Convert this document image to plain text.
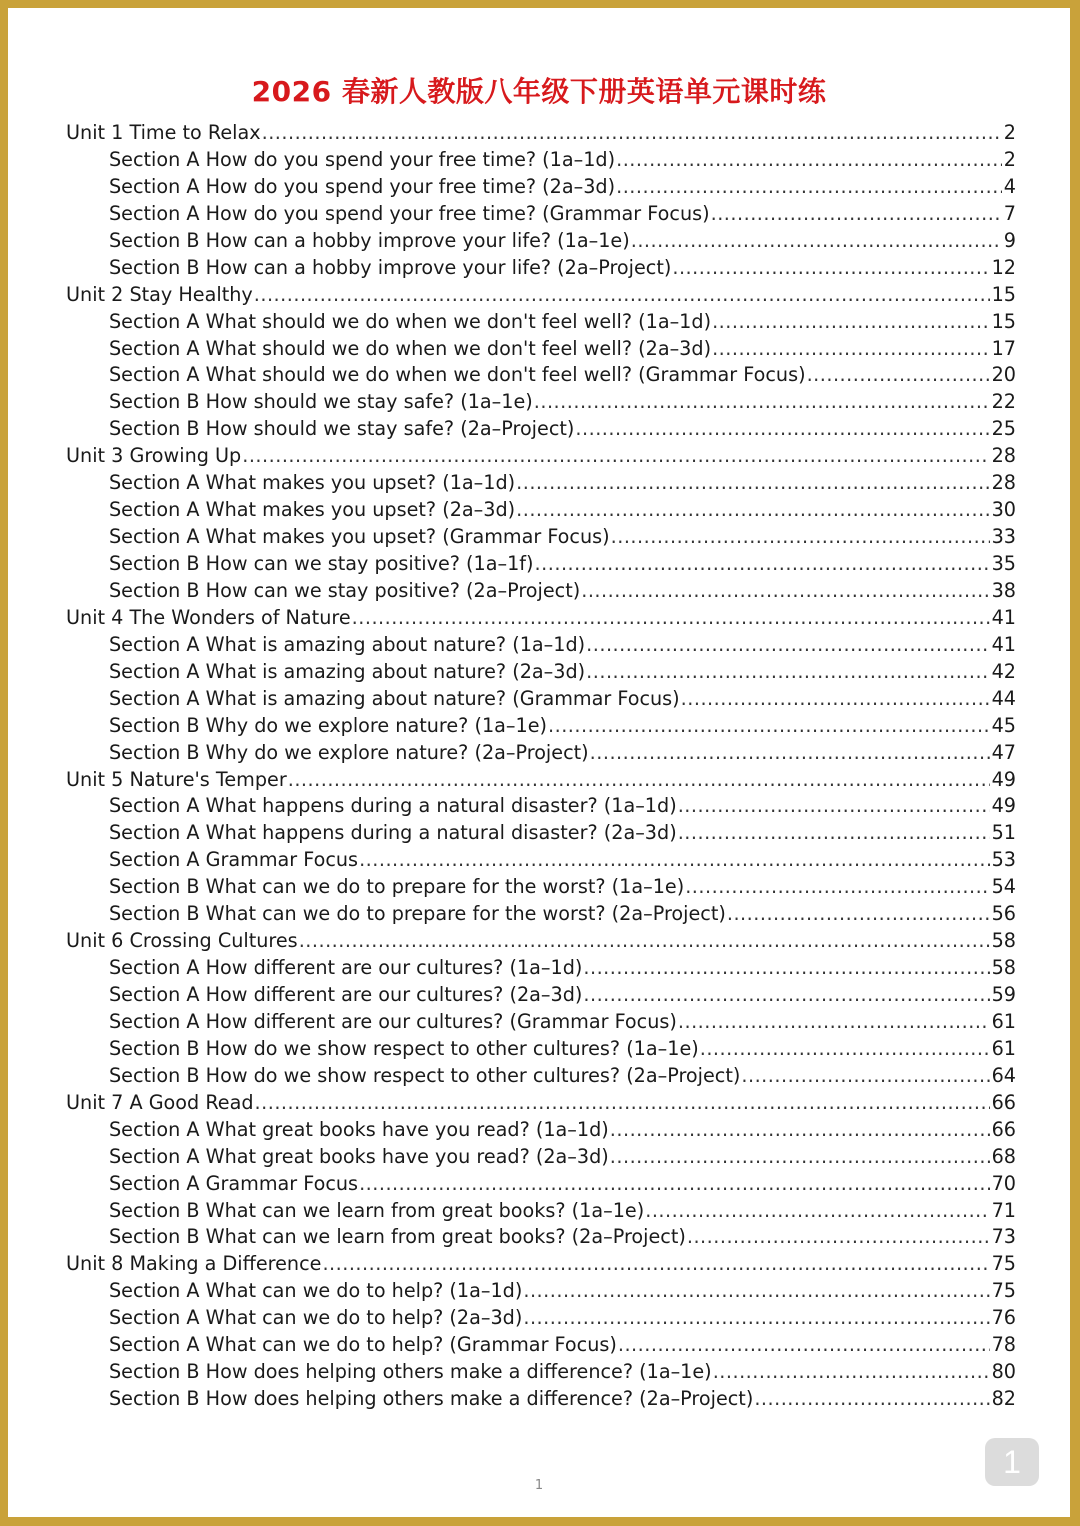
2026 春新人教版八年级下册英语单元课时练
Unit 1 Time to Relax .....	2
Section A How do you spend your free time? (1a–1d) .....	2
Section A How do you spend your free time? (2a–3d) .....	4
Section A How do you spend your free time? (Grammar Focus) .....	7
Section B How can a hobby improve your life? (1a–1e) .....	9
Section B How can a hobby improve your life? (2a–Project) .....	12
Unit 2 Stay Healthy .....	15
Section A What should we do when we don't feel well? (1a–1d) .....	15
Section A What should we do when we don't feel well? (2a–3d) .....	17
Section A What should we do when we don't feel well? (Grammar Focus) .....	20
Section B How should we stay safe? (1a–1e) .....	22
Section B How should we stay safe? (2a–Project) .....	25
Unit 3 Growing Up .....	28
Section A What makes you upset? (1a–1d) .....	28
Section A What makes you upset? (2a–3d) .....	30
Section A What makes you upset? (Grammar Focus) .....	33
Section B How can we stay positive? (1a–1f) .....	35
Section B How can we stay positive? (2a–Project) .....	38
Unit 4 The Wonders of Nature .....	41
Section A What is amazing about nature? (1a–1d) .....	41
Section A What is amazing about nature? (2a–3d) .....	42
Section A What is amazing about nature? (Grammar Focus) .....	44
Section B Why do we explore nature? (1a–1e) .....	45
Section B Why do we explore nature? (2a–Project) .....	47
Unit 5 Nature's Temper .....	49
Section A What happens during a natural disaster? (1a–1d) .....	49
Section A What happens during a natural disaster? (2a–3d) .....	51
Section A Grammar Focus .....	53
Section B What can we do to prepare for the worst? (1a–1e) .....	54
Section B What can we do to prepare for the worst? (2a–Project) .....	56
Unit 6 Crossing Cultures .....	58
Section A How different are our cultures? (1a–1d) .....	58
Section A How different are our cultures? (2a–3d) .....	59
Section A How different are our cultures? (Grammar Focus) .....	61
Section B How do we show respect to other cultures? (1a–1e) .....	61
Section B How do we show respect to other cultures? (2a–Project) .....	64
Unit 7 A Good Read .....	66
Section A What great books have you read? (1a–1d) .....	66
Section A What great books have you read? (2a–3d) .....	68
Section A Grammar Focus .....	70
Section B What can we learn from great books? (1a–1e) .....	71
Section B What can we learn from great books? (2a–Project) .....	73
Unit 8 Making a Difference .....	75
Section A What can we do to help? (1a–1d) .....	75
Section A What can we do to help? (2a–3d) .....	76
Section A What can we do to help? (Grammar Focus) .....	78
Section B How does helping others make a difference? (1a–1e) .....	80
Section B How does helping others make a difference? (2a–Project) .....	82
1
1
